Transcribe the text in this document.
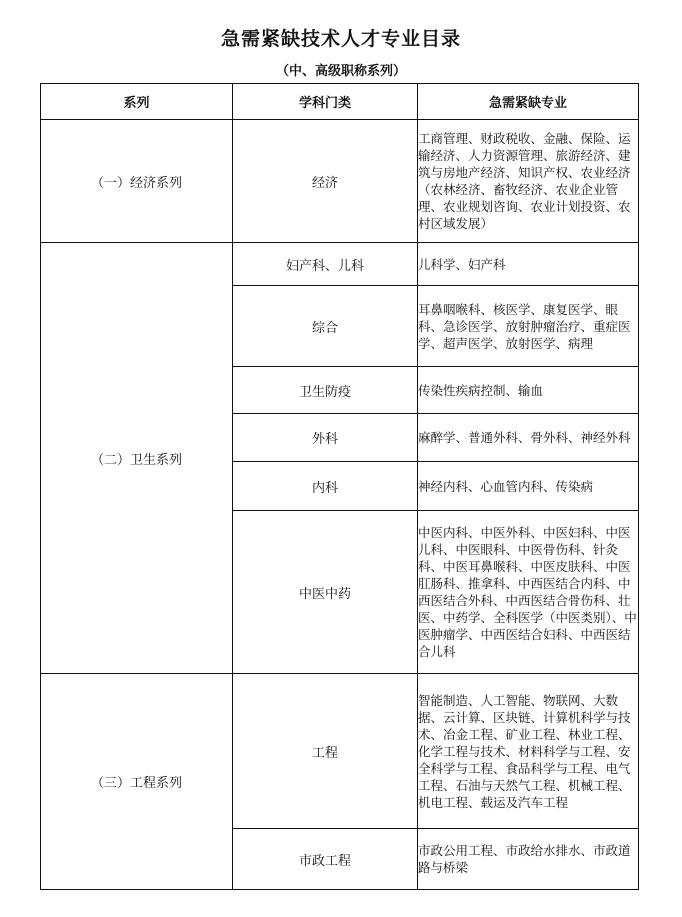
急需紧缺技术人才专业目录
（中、高级职称系列）
系列	学科门类	急需紧缺专业
（一）经济系列	经济	工商管理、财政税收、金融、保险、运输经济、人力资源管理、旅游经济、建筑与房地产经济、知识产权、农业经济（农林经济、畜牧经济、农业企业管理、农业规划咨询、农业计划投资、农村区域发展）
（二）卫生系列	妇产科、儿科	儿科学、妇产科
	综合	耳鼻咽喉科、核医学、康复医学、眼科、急诊医学、放射肿瘤治疗、重症医学、超声医学、放射医学、病理
	卫生防疫	传染性疾病控制、输血
	外科	麻醉学、普通外科、骨外科、神经外科
	内科	神经内科、心血管内科、传染病
	中医中药	中医内科、中医外科、中医妇科、中医儿科、中医眼科、中医骨伤科、针灸科、中医耳鼻喉科、中医皮肤科、中医肛肠科、推拿科、中西医结合内科、中西医结合外科、中西医结合骨伤科、壮医、中药学、全科医学（中医类别）、中医肿瘤学、中西医结合妇科、中西医结合儿科
（三）工程系列	工程	智能制造、人工智能、物联网、大数据、云计算、区块链、计算机科学与技术、冶金工程、矿业工程、林业工程、化学工程与技术、材料科学与工程、安全科学与工程、食品科学与工程、电气工程、石油与天然气工程、机械工程、机电工程、载运及汽车工程
	市政工程	市政公用工程、市政给水排水、市政道路与桥梁
